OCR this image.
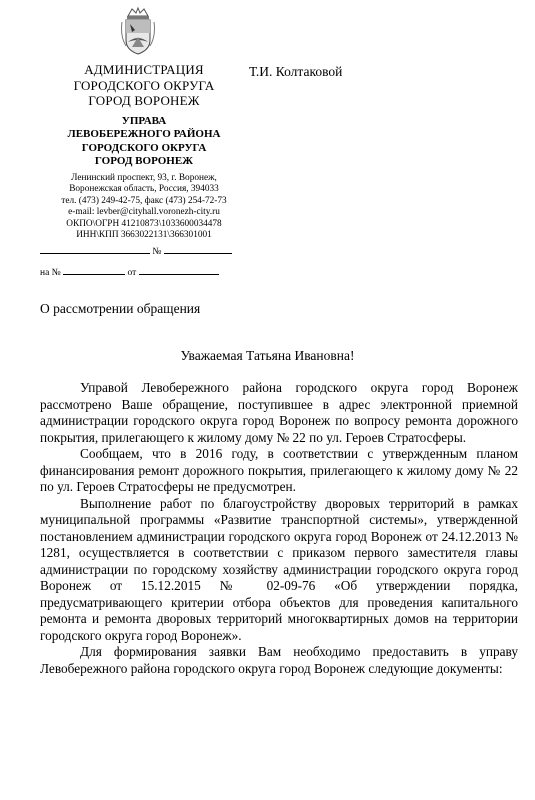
АДМИНИСТРАЦИЯ
ГОРОДСКОГО ОКРУГА
ГОРОД ВОРОНЕЖ
УПРАВА
ЛЕВОБЕРЕЖНОГО РАЙОНА
ГОРОДСКОГО ОКРУГА
ГОРОД ВОРОНЕЖ
Ленинский проспект, 93, г. Воронеж,
Воронежская область, Россия, 394033
тел. (473) 249-42-75, факс (473) 254-72-73
e-mail: levber@cityhall.voronezh-city.ru
ОКПО\ОГРН 41210873\1033600034478
ИНН\КПП 3663022131\366301001
Т.И. Колтаковой
№
на №	от
О рассмотрении обращения
Уважаемая Татьяна Ивановна!

Управой Левобережного района городского округа город Воронеж рассмотрено Ваше обращение, поступившее в адрес электронной приемной администрации городского округа город Воронеж по вопросу ремонта дорожного покрытия, прилегающего к жилому дому № 22 по ул. Героев Стратосферы.

Сообщаем, что в 2016 году, в соответствии с утвержденным планом финансирования ремонт дорожного покрытия, прилегающего к жилому дому № 22 по ул. Героев Стратосферы не предусмотрен.

Выполнение работ по благоустройству дворовых территорий в рамках муниципальной программы «Развитие транспортной системы», утвержденной постановлением администрации городского округа город Воронеж от 24.12.2013 № 1281, осуществляется в соответствии с приказом первого заместителя главы администрации по городскому хозяйству администрации городского округа город Воронеж от 15.12.2015 № 02-09-76 «Об утверждении порядка, предусматривающего критерии отбора объектов для проведения капитального ремонта и ремонта дворовых территорий многоквартирных домов на территории городского округа город Воронеж».

Для формирования заявки Вам необходимо предоставить в управу Левобережного района городского округа город Воронеж следующие документы:
